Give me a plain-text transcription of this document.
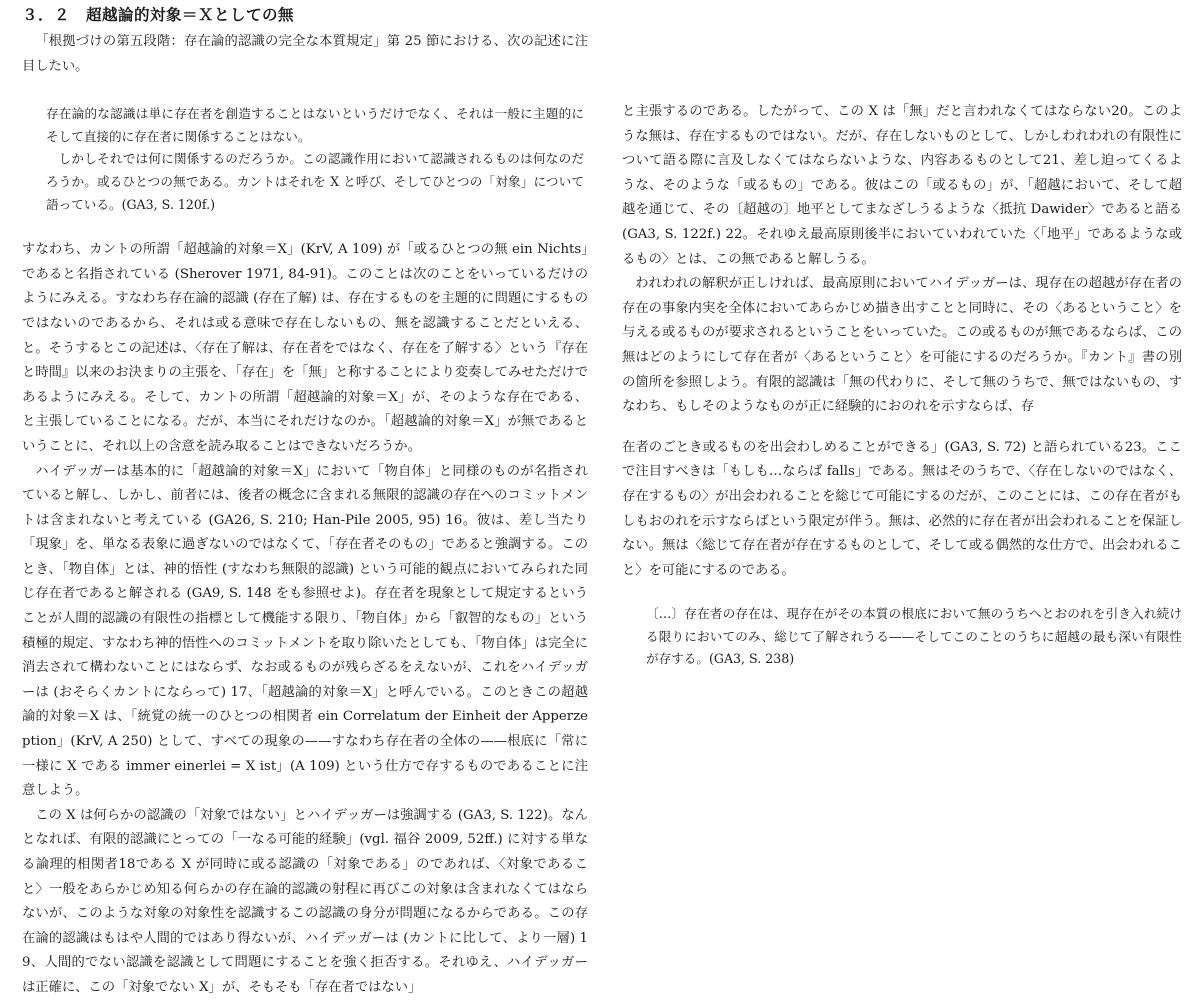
３．２　超越論的対象＝Ｘとしての無

「根拠づけの第五段階：存在論的認識の完全な本質規定」第 25 節における、次の記述に注目したい。

存在論的な認識は単に存在者を創造することはないというだけでなく、それは一般に主題的にそして直接的に存在者に関係することはない。

しかしそれでは何に関係するのだろうか。この認識作用において認識されるものは何なのだろうか。或るひとつの無である。カントはそれを X と呼び、そしてひとつの「対象」について語っている。(GA3, S. 120f.)

すなわち、カントの所謂「超越論的対象＝X」(KrV, A 109) が「或るひとつの無 ein Nichts」であると名指されている (Sherover 1971, 84-91)。このことは次のことをいっているだけのようにみえる。すなわち存在論的認識 (存在了解) は、存在するものを主題的に問題にするものではないのであるから、それは或る意味で存在しないもの、無を認識することだといえる、と。そうするとこの記述は、〈存在了解は、存在者をではなく、存在を了解する〉という『存在と時間』以来のお決まりの主張を、「存在」を「無」と称することにより変奏してみせただけであるようにみえる。そして、カントの所謂「超越論的対象＝X」が、そのような存在である、と主張していることになる。だが、本当にそれだけなのか。「超越論的対象＝X」が無であるということに、それ以上の含意を読み取ることはできないだろうか。

ハイデッガーは基本的に「超越論的対象＝X」において「物自体」と同様のものが名指されていると解し、しかし、前者には、後者の概念に含まれる無限的認識の存在へのコミットメントは含まれないと考えている (GA26, S. 210; Han-Pile 2005, 95) 16。彼は、差し当たり「現象」を、単なる表象に過ぎないのではなくて、「存在者そのもの」であると強調する。このとき、「物自体」とは、神的悟性 (すなわち無限的認識) という可能的観点においてみられた同じ存在者であると解される (GA9, S. 148 をも参照せよ)。存在者を現象として規定するということが人間的認識の有限性の指標として機能する限り、「物自体」から「叡智的なもの」という積極的規定、すなわち神的悟性へのコミットメントを取り除いたとしても、「物自体」は完全に消去されて構わないことにはならず、なお或るものが残らざるをえないが、これをハイデッガーは (おそらくカントにならって) 17、「超越論的対象＝X」と呼んでいる。このときこの超越論的対象＝X は、「統覚の統一のひとつの相関者 ein Correlatum der Einheit der Apperzeption」(KrV, A 250) として、すべての現象の——すなわち存在者の全体の——根底に「常に一様に X である immer einerlei = X ist」(A 109) という仕方で存するものであることに注意しよう。

この X は何らかの認識の「対象ではない」とハイデッガーは強調する (GA3, S. 122)。なんとなれば、有限的認識にとっての「一なる可能的経験」(vgl. 福谷 2009, 52ff.) に対する単なる論理的相関者18である X が同時に或る認識の「対象である」のであれば、〈対象であること〉一般をあらかじめ知る何らかの存在論的認識の射程に再びこの対象は含まれなくてはならないが、このような対象の対象性を認識するこの認識の身分が問題になるからである。この存在論的認識はもはや人間的ではあり得ないが、ハイデッガーは (カントに比して、より一層) 19、人間的でない認識を認識として問題にすることを強く拒否する。それゆえ、ハイデッガーは正確に、この「対象でない X」が、そもそも「存在者ではない」

と主張するのである。したがって、この X は「無」だと言われなくてはならない20。このような無は、存在するものではない。だが、存在しないものとして、しかしわれわれの有限性について語る際に言及しなくてはならないような、内容あるものとして21、差し迫ってくるような、そのような「或るもの」である。彼はこの「或るもの」が、「超越において、そして超越を通じて、その〔超越の〕地平としてまなざしうるような〈抵抗 Dawider〉であると語る (GA3, S. 122f.) 22。それゆえ最高原則後半においていわれていた〈「地平」であるような或るもの〉とは、この無であると解しうる。

われわれの解釈が正しければ、最高原則においてハイデッガーは、現存在の超越が存在者の存在の事象内実を全体においてあらかじめ描き出すことと同時に、その〈あるということ〉を与える或るものが要求されるということをいっていた。この或るものが無であるならば、この無はどのようにして存在者が〈あるということ〉を可能にするのだろうか。『カント』書の別の箇所を参照しよう。有限的認識は「無の代わりに、そして無のうちで、無ではないもの、すなわち、もしそのようなものが正に経験的におのれを示すならば、存

在者のごとき或るものを出会わしめることができる」(GA3, S. 72) と語られている23。ここで注目すべきは「もしも…ならば falls」である。無はそのうちで、〈存在しないのではなく、存在するもの〉が出会われることを総じて可能にするのだが、このことには、この存在者がもしもおのれを示すならばという限定が伴う。無は、必然的に存在者が出会われることを保証しない。無は〈総じて存在者が存在するものとして、そして或る偶然的な仕方で、出会われること〉を可能にするのである。

〔…〕存在者の存在は、現存在がその本質の根底において無のうちへとおのれを引き入れ続ける限りにおいてのみ、総じて了解されうる——そしてこのことのうちに超越の最も深い有限性が存する。(GA3, S. 238)
